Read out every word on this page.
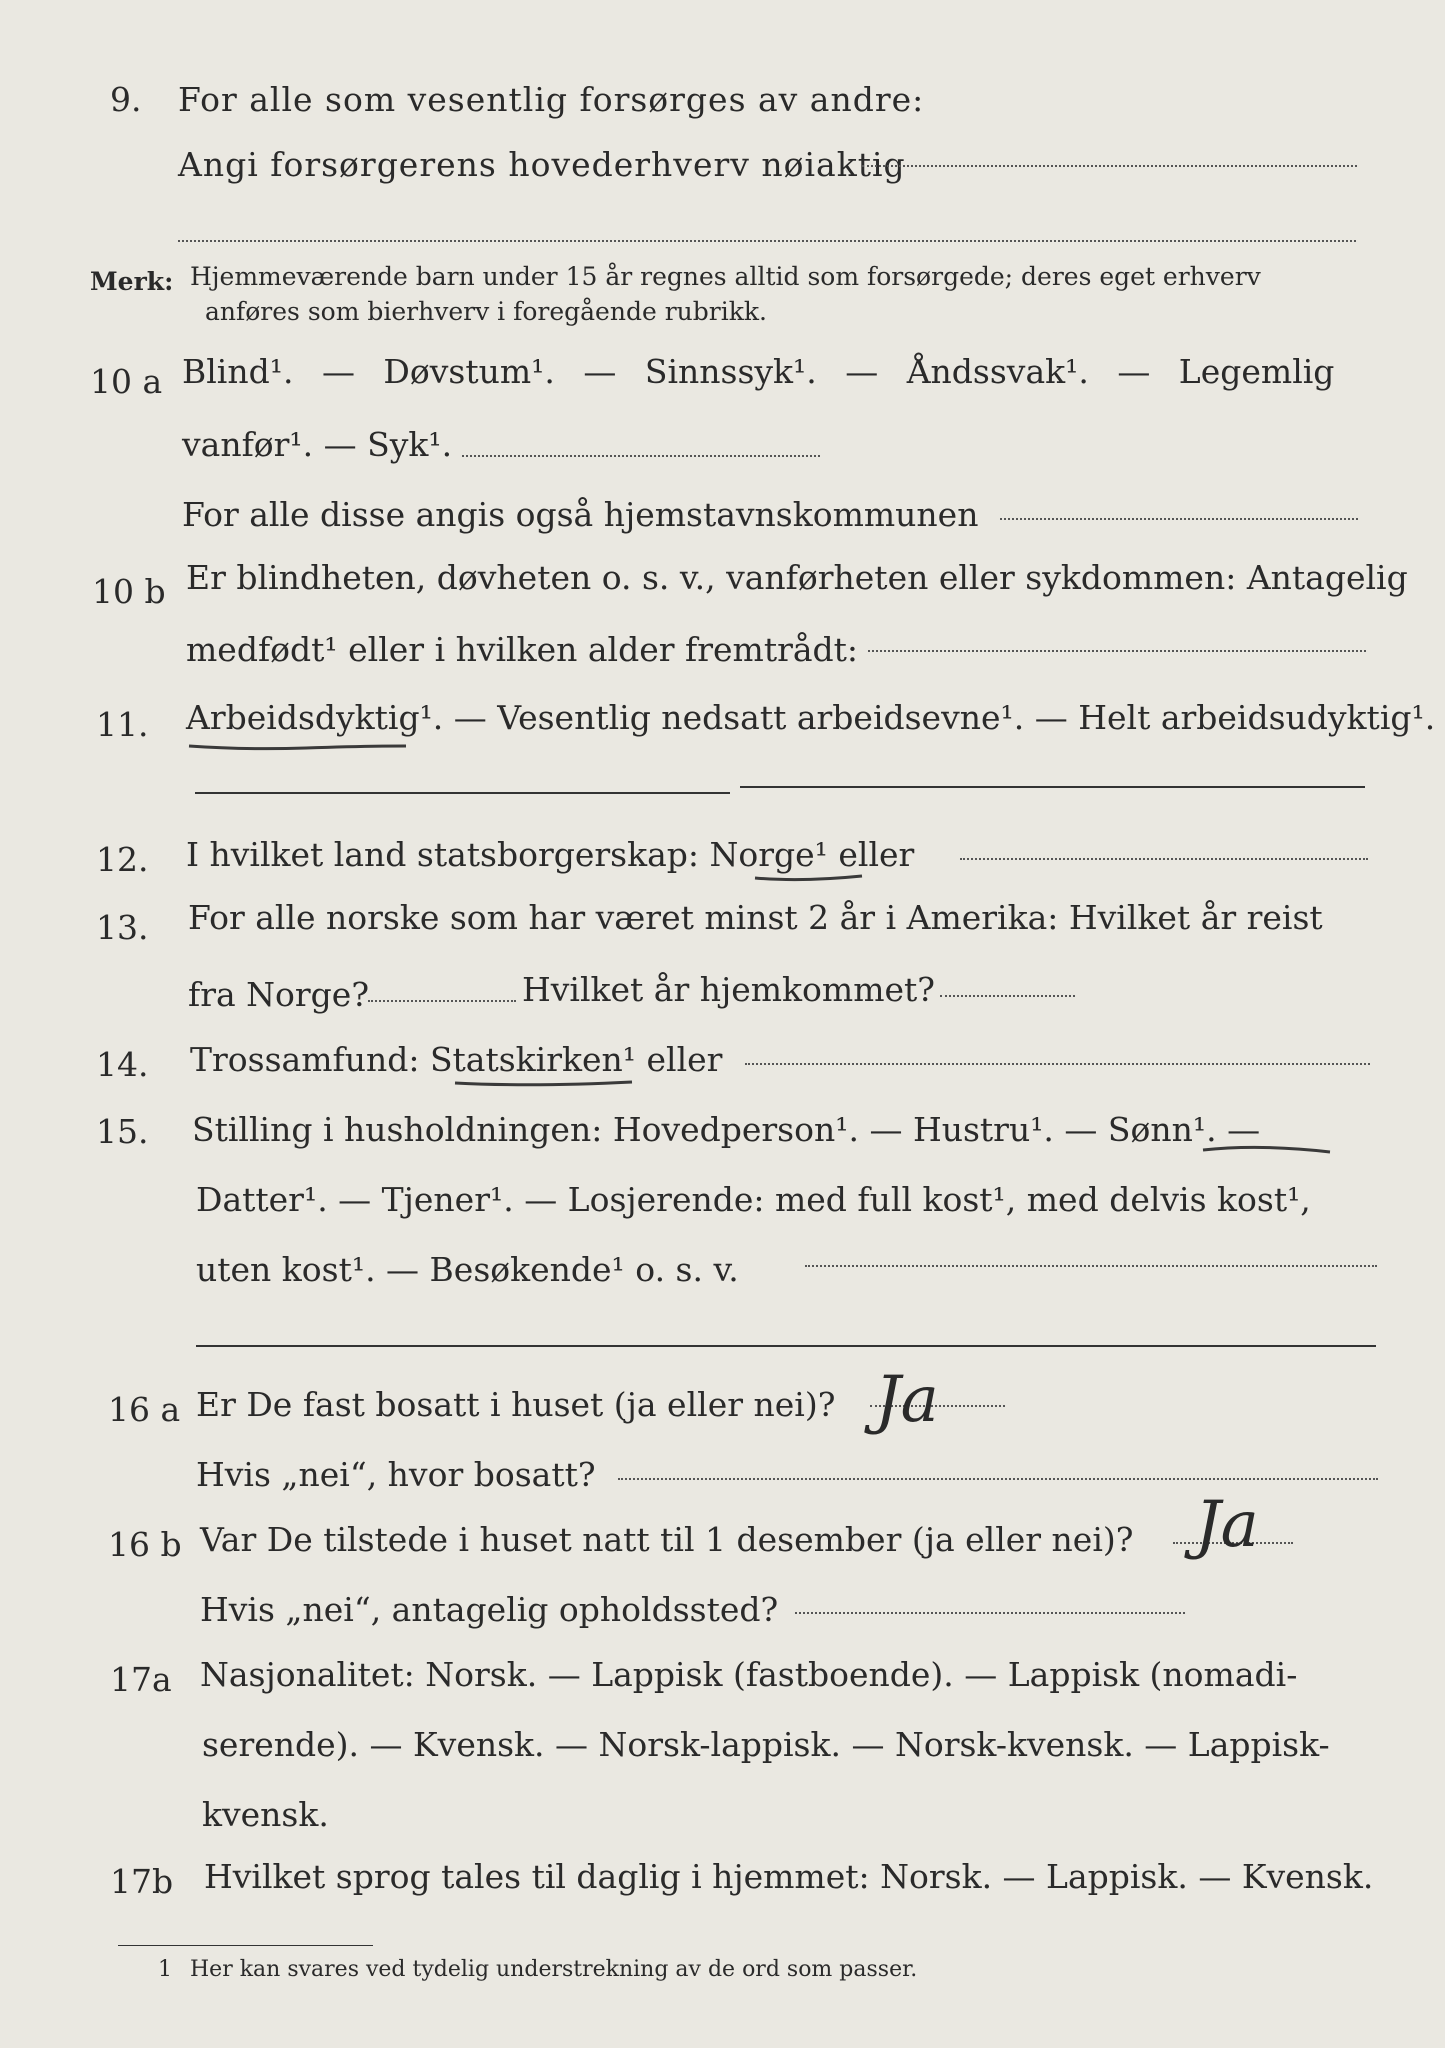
9. For alle som vesentlig forsørges av andre:
Angi forsørgerens hovederhverv nøiaktig
Merk: Hjemmeværende barn under 15 år regnes alltid som forsørgede; deres eget erhverv
anføres som bierhverv i foregående rubrikk.
10 a Blind¹. — Døvstum¹. — Sinnssyk¹. — Åndssvak¹. — Legemlig
vanfør¹. — Syk¹.
For alle disse angis også hjemstavnskommunen
10 b Er blindheten, døvheten o. s. v., vanførheten eller sykdommen: Antagelig
medfødt¹ eller i hvilken alder fremtrådt:
11. Arbeidsdyktig¹. — Vesentlig nedsatt arbeidsevne¹. — Helt arbeidsudyktig¹.
12. I hvilket land statsborgerskap: Norge¹ eller
13. For alle norske som har været minst 2 år i Amerika: Hvilket år reist
fra Norge?	Hvilket år hjemkommet?
14. Trossamfund: Statskirken¹ eller
15. Stilling i husholdningen: Hovedperson¹. — Hustru¹. — Sønn¹. —
Datter¹. — Tjener¹. — Losjerende: med full kost¹, med delvis kost¹,
uten kost¹. — Besøkende¹ o. s. v.
16 a Er De fast bosatt i huset (ja eller nei)? Ja
Hvis „nei“, hvor bosatt?
16 b Var De tilstede i huset natt til 1 desember (ja eller nei)? Ja
Hvis „nei“, antagelig opholdssted?
17a Nasjonalitet: Norsk. — Lappisk (fastboende). — Lappisk (nomadi-
serende). — Kvensk. — Norsk-lappisk. — Norsk-kvensk. — Lappisk-
kvensk.
17b Hvilket sprog tales til daglig i hjemmet: Norsk. — Lappisk. — Kvensk.
1 Her kan svares ved tydelig understrekning av de ord som passer.
